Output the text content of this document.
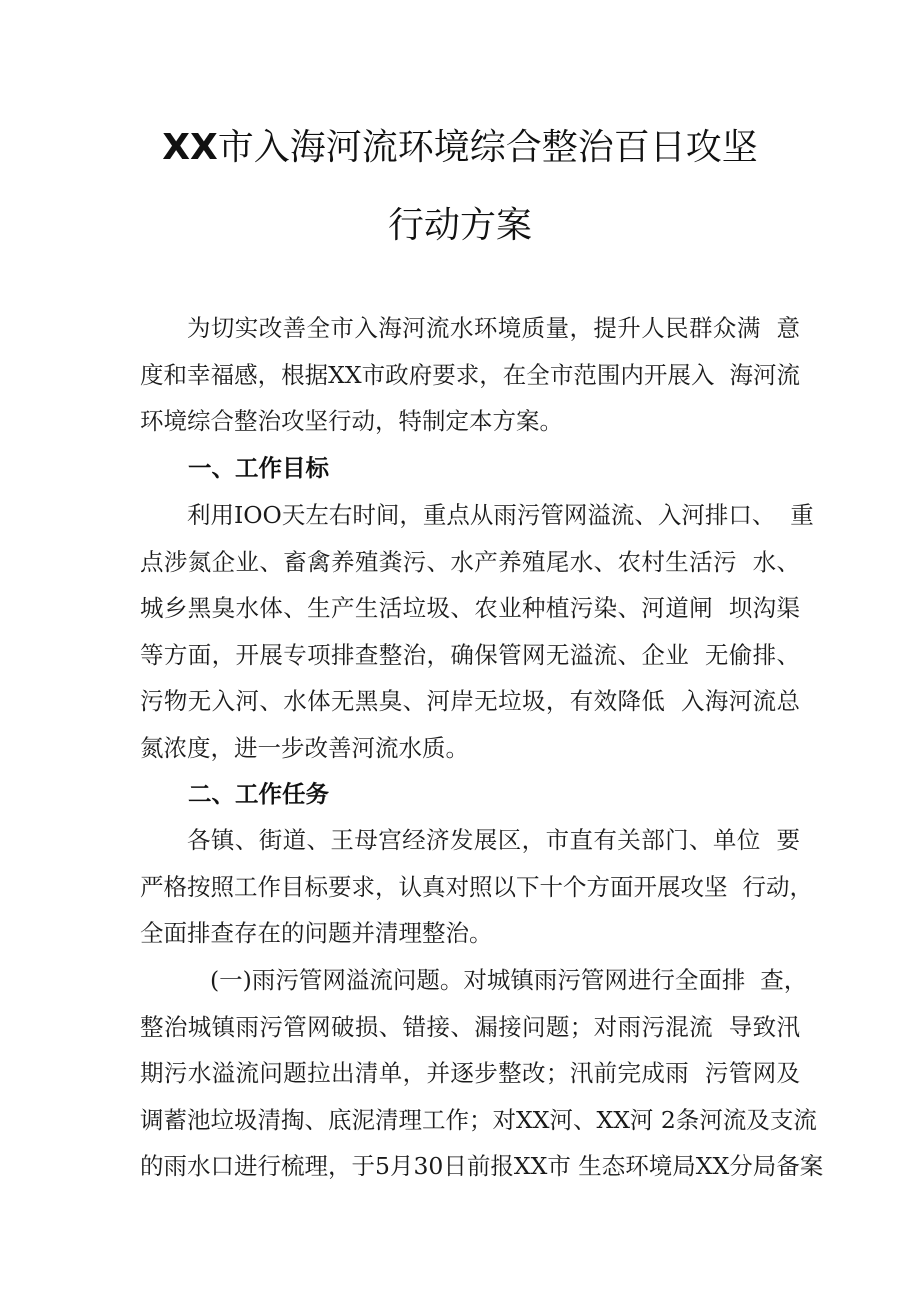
XX市入海河流环境综合整治百日攻坚
行动方案
为切实改善全市入海河流水环境质量，提升人民群众满  意
度和幸福感，根据XX市政府要求，在全市范围内开展入  海河流
环境综合整治攻坚行动，特制定本方案。
一、工作目标
利用IOO天左右时间，重点从雨污管网溢流、入河排口、  重
点涉氮企业、畜禽养殖粪污、水产养殖尾水、农村生活污  水、
城乡黑臭水体、生产生活垃圾、农业种植污染、河道闸  坝沟渠
等方面，开展专项排查整治，确保管网无溢流、企业  无偷排、
污物无入河、水体无黑臭、河岸无垃圾，有效降低  入海河流总
氮浓度，进一步改善河流水质。
二、工作任务
各镇、街道、王母宫经济发展区，市直有关部门、单位  要
严格按照工作目标要求，认真对照以下十个方面开展攻坚  行动，
全面排查存在的问题并清理整治。
(一)雨污管网溢流问题。对城镇雨污管网进行全面排  查，
整治城镇雨污管网破损、错接、漏接问题；对雨污混流  导致汛
期污水溢流问题拉出清单，并逐步整改；汛前完成雨  污管网及
调蓄池垃圾清掏、底泥清理工作；对XX河、XX河 2条河流及支流
的雨水口进行梳理，于5月30日前报XX市 生态环境局XX分局备案
